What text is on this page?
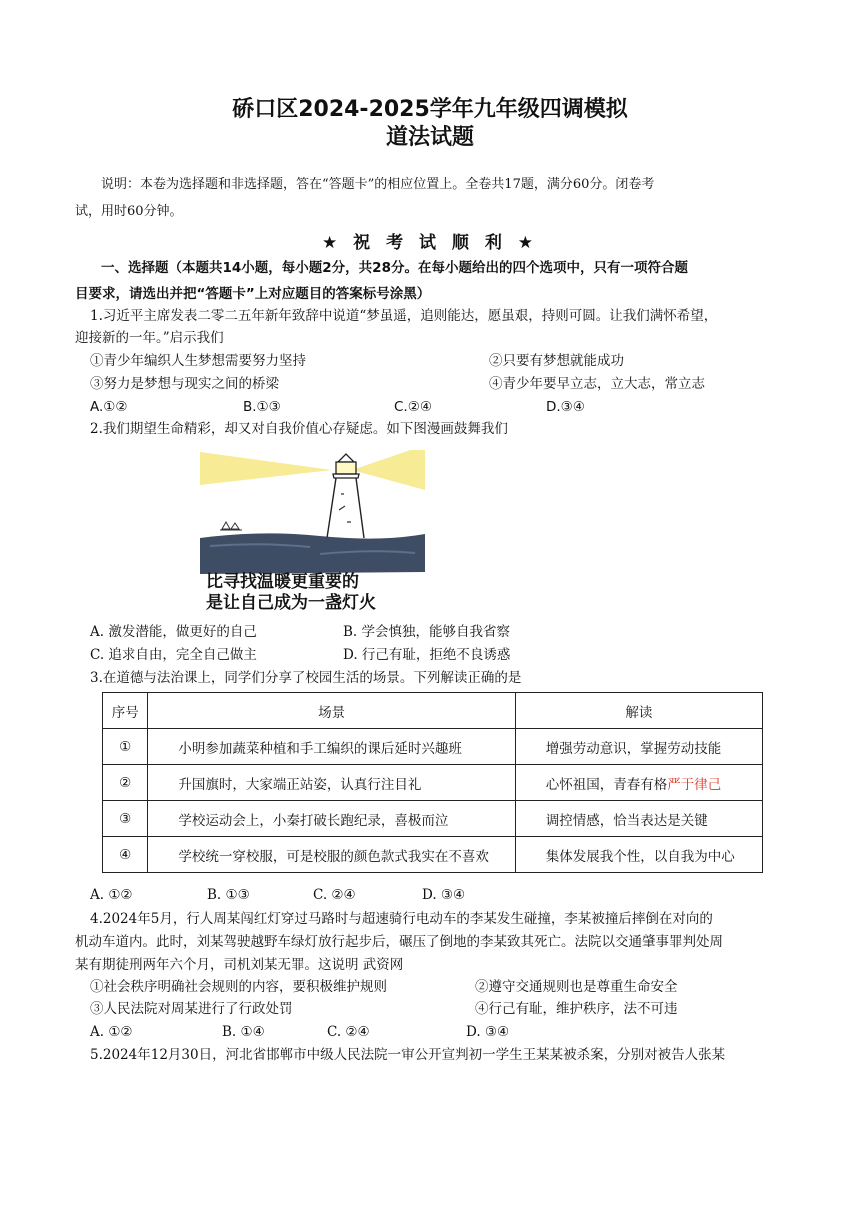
硚口区2024-2025学年九年级四调模拟
道法试题
说明：本卷为选择题和非选择题，答在“答题卡”的相应位置上。全卷共17题，满分60分。闭卷考
试，用时60分钟。
★ 祝 考 试 顺 利 ★
一、选择题（本题共14小题，每小题2分，共28分。在每小题给出的四个选项中，只有一项符合题
目要求，请选出并把“答题卡”上对应题目的答案标号涂黑）
1.习近平主席发表二零二五年新年致辞中说道“梦虽遥，追则能达，愿虽艰，持则可圆。让我们满怀希望，
迎接新的一年。”启示我们
①青少年编织人生梦想需要努力坚持	②只要有梦想就能成功
③努力是梦想与现实之间的桥梁	④青少年要早立志，立大志，常立志
A.①②	B.①③	C.②④	D.③④
2.我们期望生命精彩，却又对自我价值心存疑虑。如下图漫画鼓舞我们
比寻找温暖更重要的
是让自己成为一盏灯火
A. 激发潜能，做更好的自己	B. 学会慎独，能够自我省察
C. 追求自由，完全自己做主	D. 行己有耻，拒绝不良诱惑
3.在道德与法治课上，同学们分享了校园生活的场景。下列解读正确的是
序号	场景	解读
①	小明参加蔬菜种植和手工编织的课后延时兴趣班	增强劳动意识，掌握劳动技能
②	升国旗时，大家端正站姿，认真行注目礼	心怀祖国，青春有格严于律己
③	学校运动会上，小秦打破长跑纪录，喜极而泣	调控情感，恰当表达是关键
④	学校统一穿校服，可是校服的颜色款式我实在不喜欢	集体发展我个性，以自我为中心
A. ①②	B. ①③	C. ②④	D. ③④
4.2024年5月，行人周某闯红灯穿过马路时与超速骑行电动车的李某发生碰撞，李某被撞后摔倒在对向的
机动车道内。此时，刘某驾驶越野车绿灯放行起步后，碾压了倒地的李某致其死亡。法院以交通肇事罪判处周
某有期徒刑两年六个月，司机刘某无罪。这说明 武资网
①社会秩序明确社会规则的内容，要积极维护规则	②遵守交通规则也是尊重生命安全
③人民法院对周某进行了行政处罚	④行己有耻，维护秩序，法不可违
A. ①②	B. ①④	C. ②④	D. ③④
5.2024年12月30日，河北省邯郸市中级人民法院一审公开宣判初一学生王某某被杀案，分别对被告人张某
